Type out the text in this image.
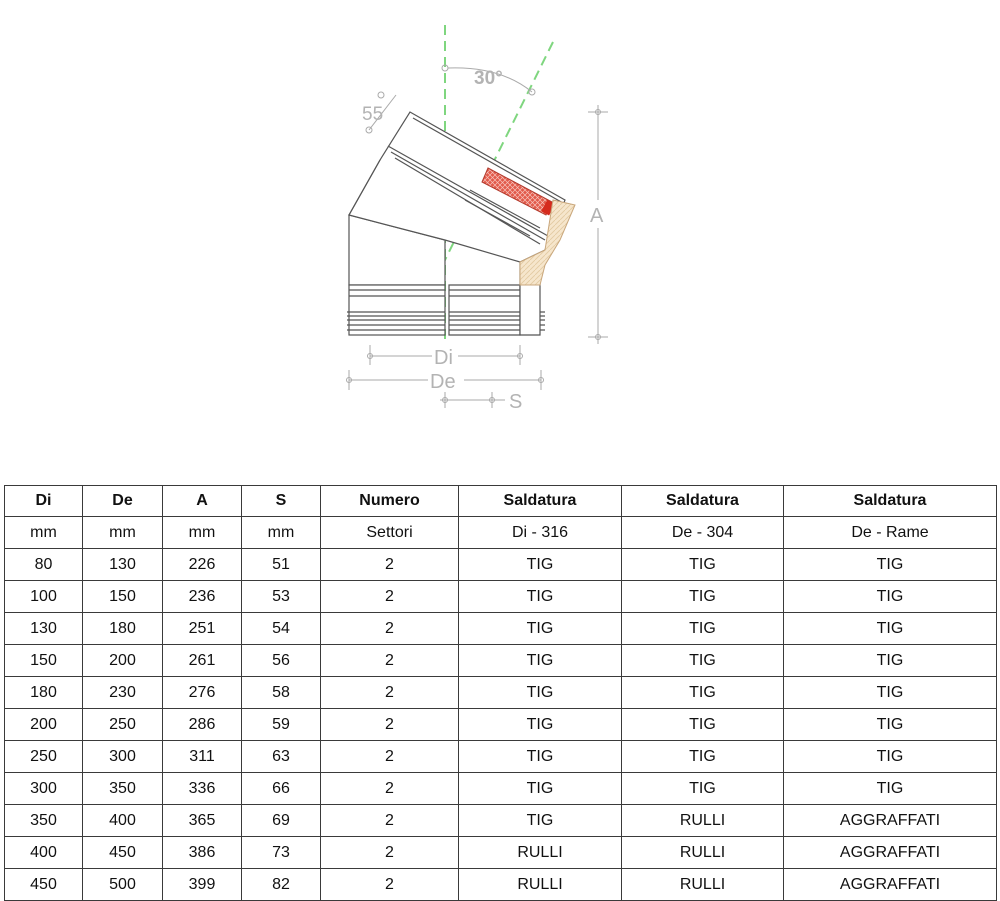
30°
55
Di
De
S
A
Di	De	A	S	Numero	Saldatura	Saldatura	Saldatura
mm	mm	mm	mm	Settori	Di - 316	De - 304	De - Rame
80	130	226	51	2	TIG	TIG	TIG
100	150	236	53	2	TIG	TIG	TIG
130	180	251	54	2	TIG	TIG	TIG
150	200	261	56	2	TIG	TIG	TIG
180	230	276	58	2	TIG	TIG	TIG
200	250	286	59	2	TIG	TIG	TIG
250	300	311	63	2	TIG	TIG	TIG
300	350	336	66	2	TIG	TIG	TIG
350	400	365	69	2	TIG	RULLI	AGGRAFFATI
400	450	386	73	2	RULLI	RULLI	AGGRAFFATI
450	500	399	82	2	RULLI	RULLI	AGGRAFFATI
